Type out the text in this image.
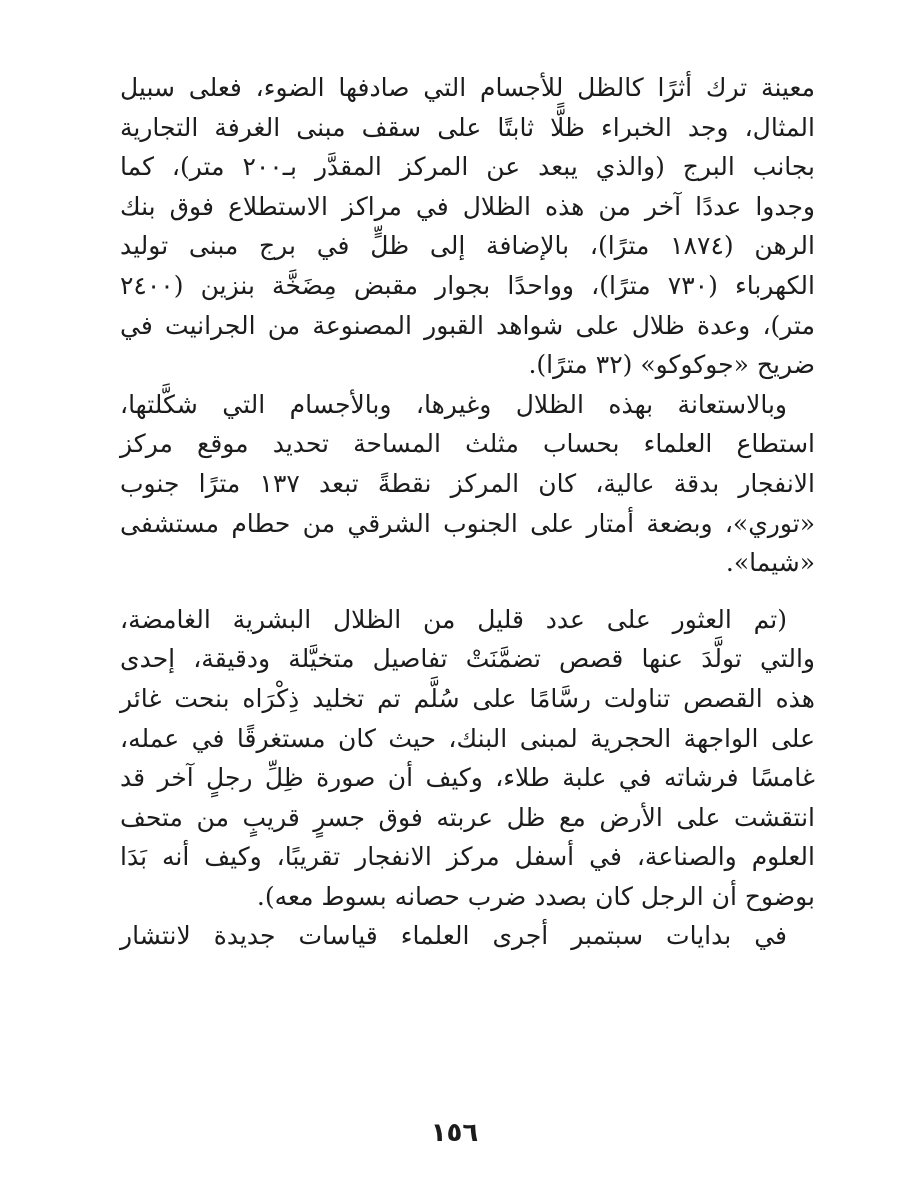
معينة ترك أثرًا كالظل للأجسام التي صادفها الضوء، فعلى سبيل
المثال، وجد الخبراء ظلًّا ثابتًا على سقف مبنى الغرفة التجارية
بجانب البرج (والذي يبعد عن المركز المقدَّر بـ٢٠٠ متر)، كما
وجدوا عددًا آخر من هذه الظلال في مراكز الاستطلاع فوق بنك
الرهن (١٨٧٤ مترًا)، بالإضافة إلى ظلٍّ في برج مبنى توليد
الكهرباء (٧٣٠ مترًا)، وواحدًا بجوار مقبض مِضَخَّة بنزين (٢٤٠٠
متر)، وعدة ظلال على شواهد القبور المصنوعة من الجرانيت في
ضريح «جوكوكو» (٣٢ مترًا).
وبالاستعانة بهذه الظلال وغيرها، وبالأجسام التي شكَّلتها،
استطاع العلماء بحساب مثلث المساحة تحديد موقع مركز
الانفجار بدقة عالية، كان المركز نقطةً تبعد ١٣٧ مترًا جنوب
«توري»، وبضعة أمتار على الجنوب الشرقي من حطام مستشفى
«شيما».
(تم العثور على عدد قليل من الظلال البشرية الغامضة،
والتي تولَّدَ عنها قصص تضمَّنَتْ تفاصيل متخيَّلة ودقيقة، إحدى
هذه القصص تناولت رسَّامًا على سُلَّم تم تخليد ذِكْرَاه بنحت غائر
على الواجهة الحجرية لمبنى البنك، حيث كان مستغرقًا في عمله،
غامسًا فرشاته في علبة طلاء، وكيف أن صورة ظِلِّ رجلٍ آخر قد
انتقشت على الأرض مع ظل عربته فوق جسرٍ قريبٍ من متحف
العلوم والصناعة، في أسفل مركز الانفجار تقريبًا، وكيف أنه بَدَا
بوضوح أن الرجل كان بصدد ضرب حصانه بسوط معه).
في بدايات سبتمبر أجرى العلماء قياسات جديدة لانتشار
١٥٦
